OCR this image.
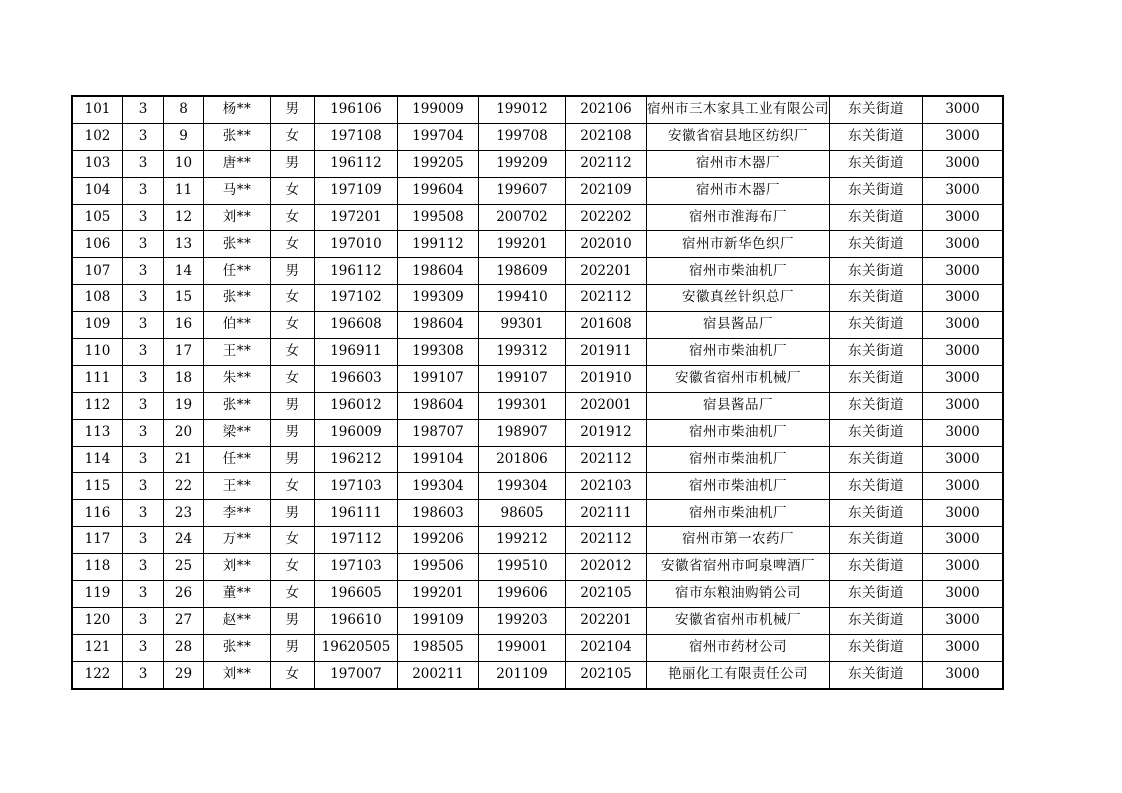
101	3	8	杨**	男	196106	199009	199012	202106	宿州市三木家具工业有限公司	东关街道	3000
102	3	9	张**	女	197108	199704	199708	202108	安徽省宿县地区纺织厂	东关街道	3000
103	3	10	唐**	男	196112	199205	199209	202112	宿州市木器厂	东关街道	3000
104	3	11	马**	女	197109	199604	199607	202109	宿州市木器厂	东关街道	3000
105	3	12	刘**	女	197201	199508	200702	202202	宿州市淮海布厂	东关街道	3000
106	3	13	张**	女	197010	199112	199201	202010	宿州市新华色织厂	东关街道	3000
107	3	14	任**	男	196112	198604	198609	202201	宿州市柴油机厂	东关街道	3000
108	3	15	张**	女	197102	199309	199410	202112	安徽真丝针织总厂	东关街道	3000
109	3	16	伯**	女	196608	198604	99301	201608	宿县酱品厂	东关街道	3000
110	3	17	王**	女	196911	199308	199312	201911	宿州市柴油机厂	东关街道	3000
111	3	18	朱**	女	196603	199107	199107	201910	安徽省宿州市机械厂	东关街道	3000
112	3	19	张**	男	196012	198604	199301	202001	宿县酱品厂	东关街道	3000
113	3	20	梁**	男	196009	198707	198907	201912	宿州市柴油机厂	东关街道	3000
114	3	21	任**	男	196212	199104	201806	202112	宿州市柴油机厂	东关街道	3000
115	3	22	王**	女	197103	199304	199304	202103	宿州市柴油机厂	东关街道	3000
116	3	23	李**	男	196111	198603	98605	202111	宿州市柴油机厂	东关街道	3000
117	3	24	万**	女	197112	199206	199212	202112	宿州市第一农药厂	东关街道	3000
118	3	25	刘**	女	197103	199506	199510	202012	安徽省宿州市呵泉啤酒厂	东关街道	3000
119	3	26	董**	女	196605	199201	199606	202105	宿市东粮油购销公司	东关街道	3000
120	3	27	赵**	男	196610	199109	199203	202201	安徽省宿州市机械厂	东关街道	3000
121	3	28	张**	男	19620505	198505	199001	202104	宿州市药材公司	东关街道	3000
122	3	29	刘**	女	197007	200211	201109	202105	艳丽化工有限责任公司	东关街道	3000
